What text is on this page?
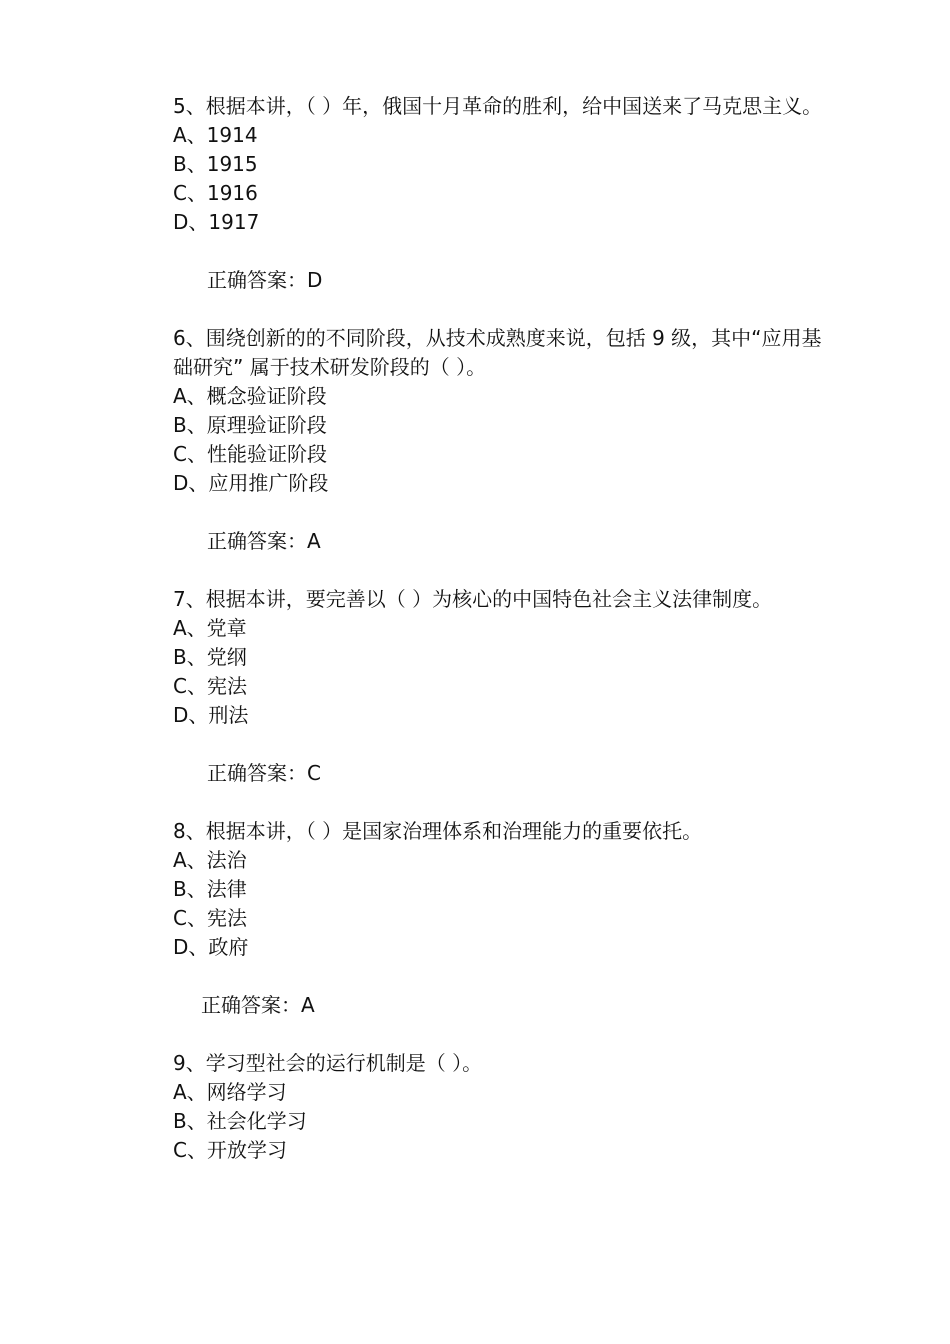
5、根据本讲，（ ）年，俄国十月革命的胜利，给中国送来了马克思主义。

A、1914

B、1915

C、1916

D、1917

正确答案：D

6、围绕创新的的不同阶段，从技术成熟度来说，包括 9 级，其中“应用基础研究” 属于技术研发阶段的（ ）。

A、概念验证阶段

B、原理验证阶段

C、性能验证阶段

D、应用推广阶段

正确答案：A

7、根据本讲，要完善以（ ）为核心的中国特色社会主义法律制度。

A、党章

B、党纲

C、宪法

D、刑法

正确答案：C

8、根据本讲，（ ）是国家治理体系和治理能力的重要依托。

A、法治

B、法律

C、宪法

D、政府

正确答案：A

9、学习型社会的运行机制是（ ）。

A、网络学习

B、社会化学习

C、开放学习
